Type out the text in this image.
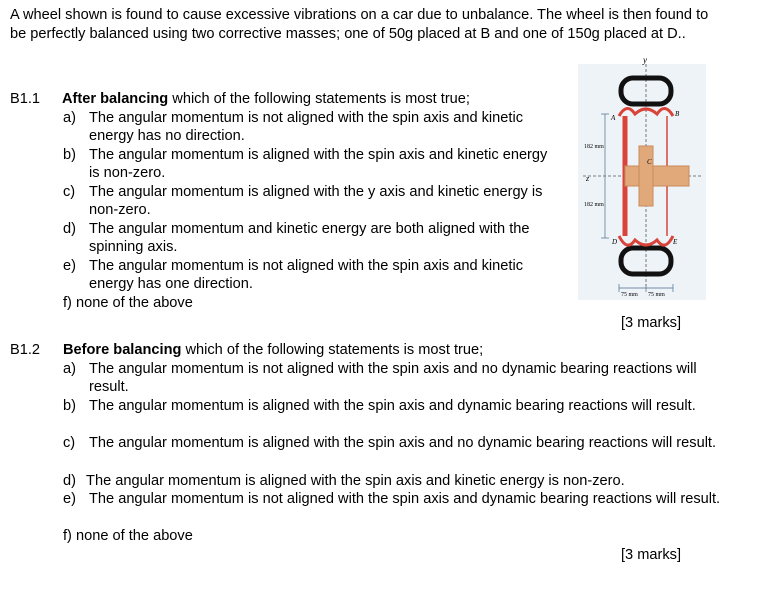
A wheel shown is found to cause excessive vibrations on a car due to unbalance. The wheel is then found to be perfectly balanced using two corrective masses; one of 50g placed at B and one of 150g placed at D..
B1.1 After balancing which of the following statements is most true;
a) The angular momentum is not aligned with the spin axis and kinetic energy has no direction.
b) The angular momentum is aligned with the spin axis and kinetic energy is non-zero.
c) The angular momentum is aligned with the y axis and kinetic energy is non-zero.
d) The angular momentum and kinetic energy are both aligned with the spinning axis.
e) The angular momentum is not aligned with the spin axis and kinetic energy has one direction.
f) none of the above
[3 marks]
B1.2 Before balancing which of the following statements is most true;
a) The angular momentum is not aligned with the spin axis and no dynamic bearing reactions will result.
b) The angular momentum is aligned with the spin axis and dynamic bearing reactions will result.
c) The angular momentum is aligned with the spin axis and no dynamic bearing reactions will result.
d) The angular momentum is aligned with the spin axis and kinetic energy is non-zero.
e) The angular momentum is not aligned with the spin axis and dynamic bearing reactions will result.
f) none of the above
[3 marks]
y
z
A	B
C
D	E
182 mm
182 mm
75 mm 75 mm
